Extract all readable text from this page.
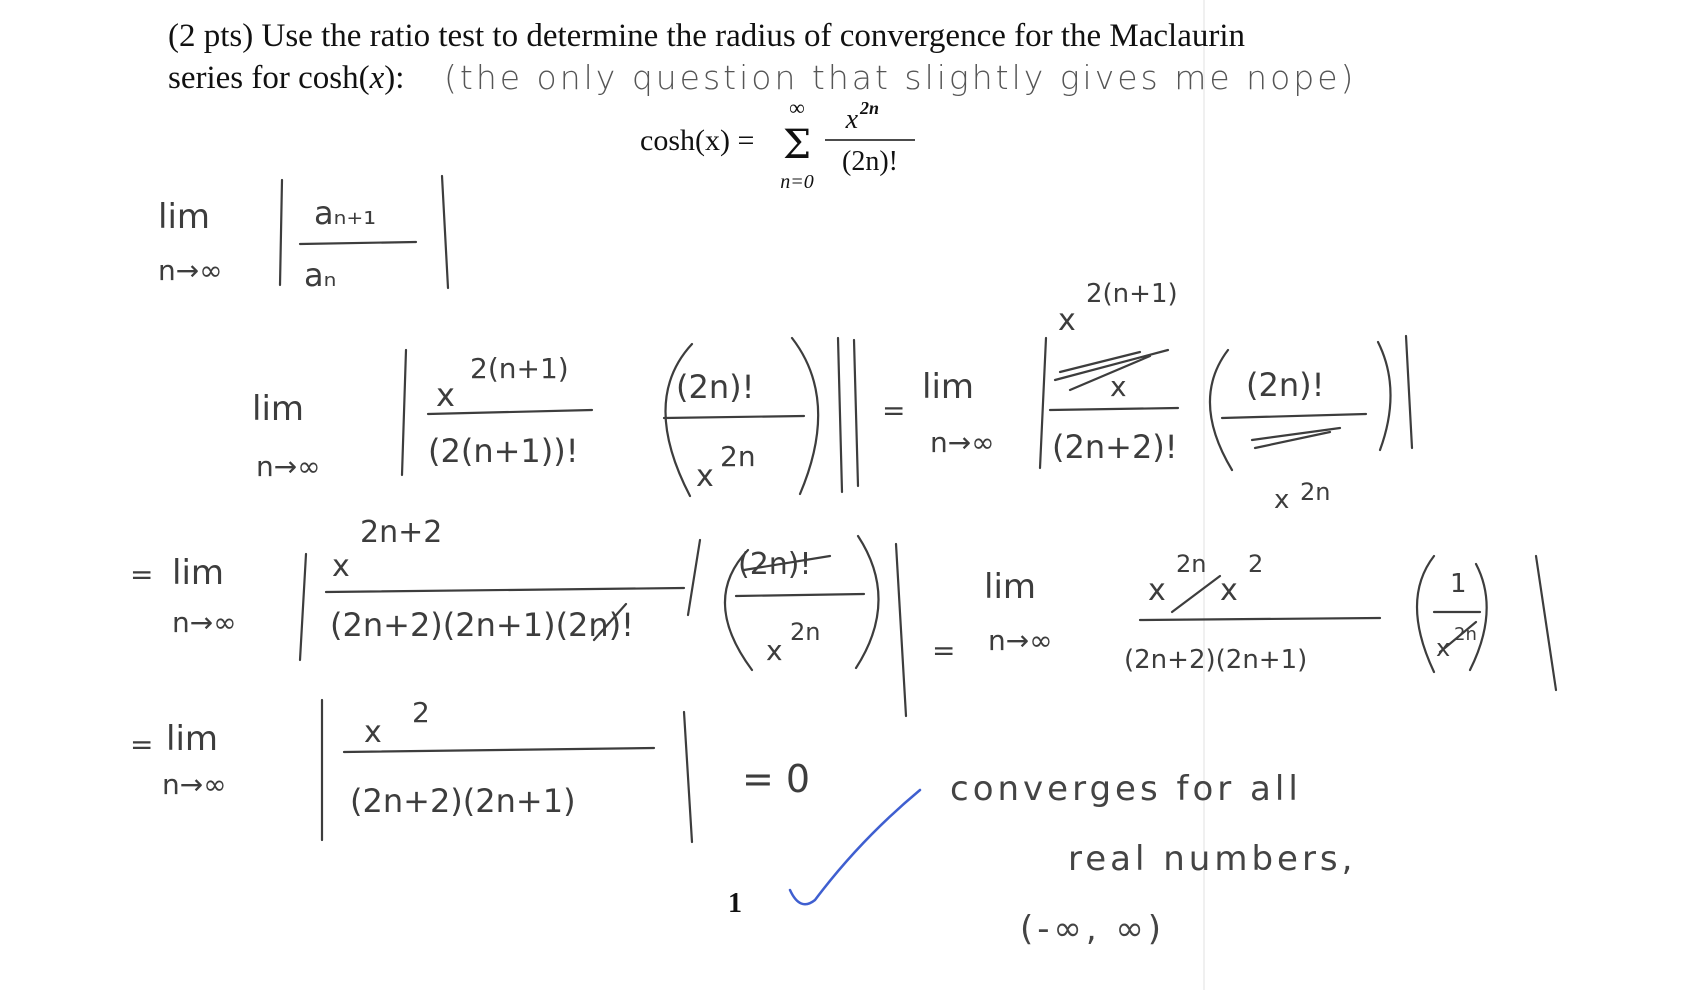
(2 pts) Use the ratio test to determine the radius of convergence for the Maclaurin
series for cosh(x): (the only question that slightly gives me nope)
cosh(x) =
∞
Σ
n=0
x 2n
(2n)!
lim
n→∞
aₙ₊₁
aₙ
lim
n→∞
x
2(n+1)
(2(n+1))!
(2n)!
x
2n
=
lim
n→∞
x
2(n+1)
x
(2n+2)!
(2n)!
x 2n
= lim
n→∞
x
2n+2
(2n+2)(2n+1)(2n)!
(2n)!
x
2n
=
lim
n→∞
x
2n
x
2
(2n+2)(2n+1)
1
x 2n
= lim
n→∞
x
2
(2n+2)(2n+1)	= 0	converges for all
real numbers,
(-∞, ∞)
1
